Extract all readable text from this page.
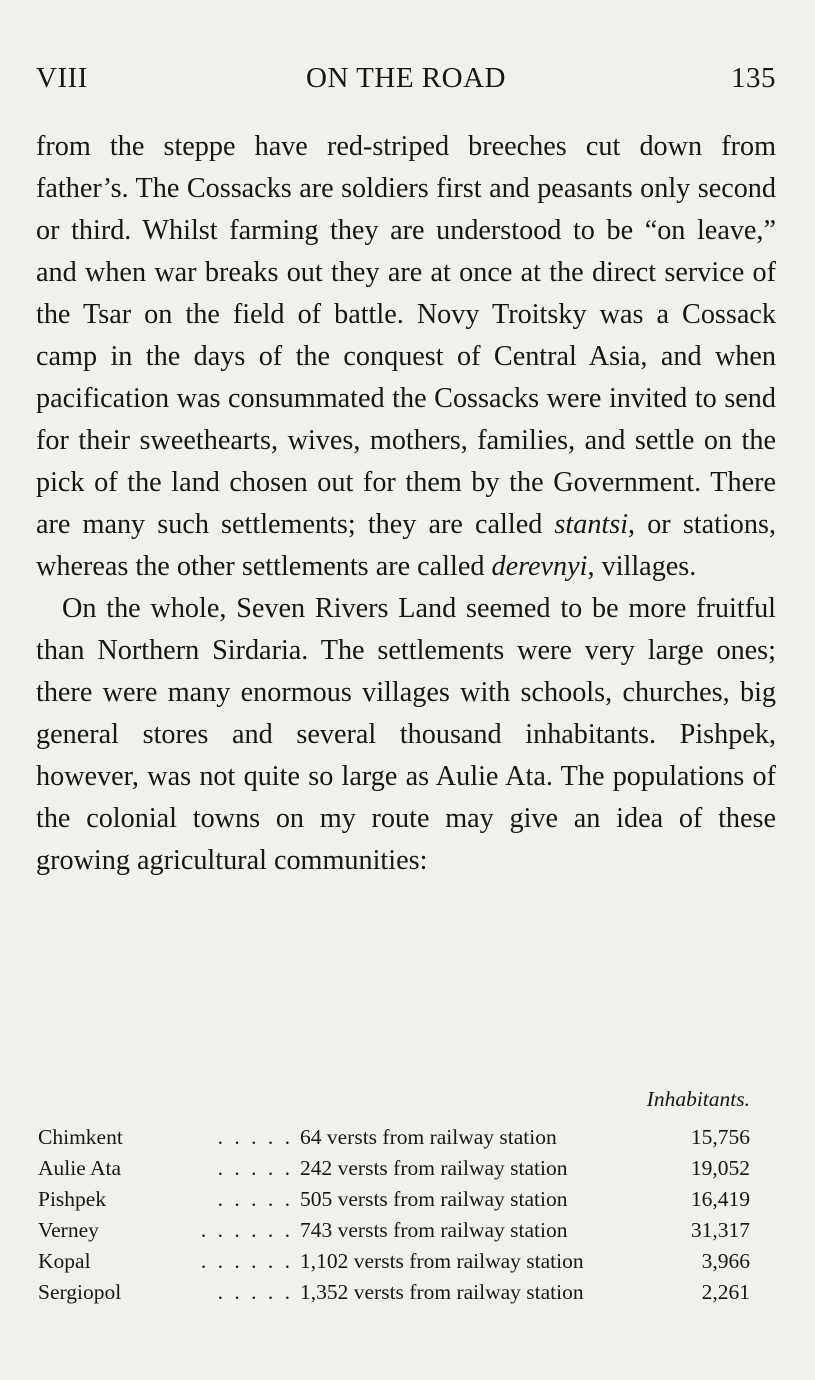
VIII	ON THE ROAD	135

from the steppe have red-striped breeches cut down from father’s. The Cossacks are soldiers first and peasants only second or third. Whilst farming they are understood to be “on leave,” and when war breaks out they are at once at the direct service of the Tsar on the field of battle. Novy Troitsky was a Cossack camp in the days of the conquest of Central Asia, and when pacification was consummated the Cossacks were invited to send for their sweethearts, wives, mothers, families, and settle on the pick of the land chosen out for them by the Government. There are many such settlements; they are called stantsi, or stations, whereas the other settlements are called derevnyi, villages.

On the whole, Seven Rivers Land seemed to be more fruitful than Northern Sirdaria. The settlements were very large ones; there were many enormous villages with schools, churches, big general stores and several thousand inhabitants. Pishpek, however, was not quite so large as Aulie Ata. The populations of the colonial towns on my route may give an idea of these growing agricultural communities:

Inhabitants.
Chimkent	. . . . . 64 versts from railway station	15,756
Aulie Ata	. . . . . 242 versts from railway station	19,052
Pishpek	. . . . . 505 versts from railway station	16,419
Verney	. . . . . . 743 versts from railway station	31,317
Kopal	. . . . . . 1,102 versts from railway station	3,966
Sergiopol	. . . . . 1,352 versts from railway station	2,261
